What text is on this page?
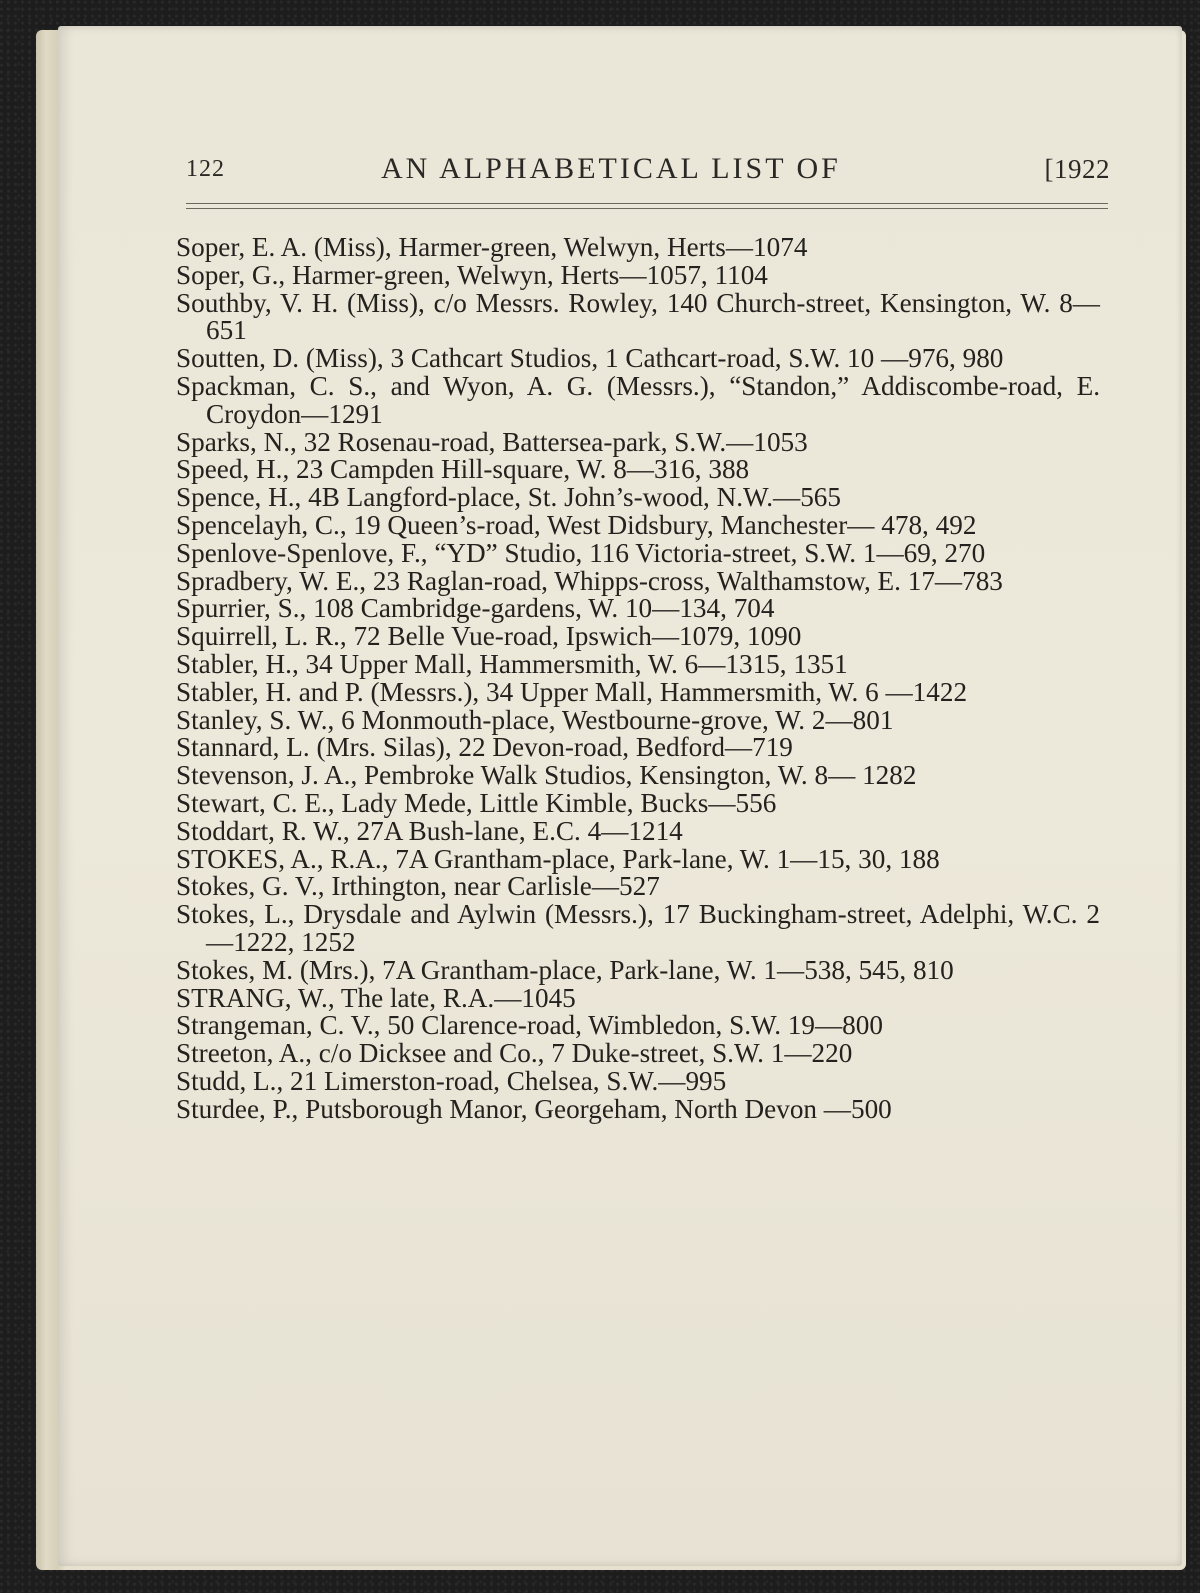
122	AN ALPHABETICAL LIST OF	[1922

Soper, E. A. (Miss), Harmer-green, Welwyn, Herts—1074

Soper, G., Harmer-green, Welwyn, Herts—1057, 1104

Southby, V. H. (Miss), c/o Messrs. Rowley, 140 Church-street, Kensington, W. 8—651

Soutten, D. (Miss), 3 Cathcart Studios, 1 Cathcart-road, S.W. 10 —976, 980

Spackman, C. S., and Wyon, A. G. (Messrs.), “Standon,” Addiscombe-road, E. Croydon—1291

Sparks, N., 32 Rosenau-road, Battersea-park, S.W.—1053

Speed, H., 23 Campden Hill-square, W. 8—316, 388

Spence, H., 4B Langford-place, St. John’s-wood, N.W.—565

Spencelayh, C., 19 Queen’s-road, West Didsbury, Manchester— 478, 492

Spenlove-Spenlove, F., “YD” Studio, 116 Victoria-street, S.W. 1—69, 270

Spradbery, W. E., 23 Raglan-road, Whipps-cross, Walthamstow, E. 17—783

Spurrier, S., 108 Cambridge-gardens, W. 10—134, 704

Squirrell, L. R., 72 Belle Vue-road, Ipswich—1079, 1090

Stabler, H., 34 Upper Mall, Hammersmith, W. 6—1315, 1351

Stabler, H. and P. (Messrs.), 34 Upper Mall, Hammersmith, W. 6 —1422

Stanley, S. W., 6 Monmouth-place, Westbourne-grove, W. 2—801

Stannard, L. (Mrs. Silas), 22 Devon-road, Bedford—719

Stevenson, J. A., Pembroke Walk Studios, Kensington, W. 8— 1282

Stewart, C. E., Lady Mede, Little Kimble, Bucks—556

Stoddart, R. W., 27A Bush-lane, E.C. 4—1214

STOKES, A., R.A., 7A Grantham-place, Park-lane, W. 1—15, 30, 188

Stokes, G. V., Irthington, near Carlisle—527

Stokes, L., Drysdale and Aylwin (Messrs.), 17 Buckingham-street, Adelphi, W.C. 2—1222, 1252

Stokes, M. (Mrs.), 7A Grantham-place, Park-lane, W. 1—538, 545, 810

STRANG, W., The late, R.A.—1045

Strangeman, C. V., 50 Clarence-road, Wimbledon, S.W. 19—800

Streeton, A., c/o Dicksee and Co., 7 Duke-street, S.W. 1—220

Studd, L., 21 Limerston-road, Chelsea, S.W.—995

Sturdee, P., Putsborough Manor, Georgeham, North Devon —500
